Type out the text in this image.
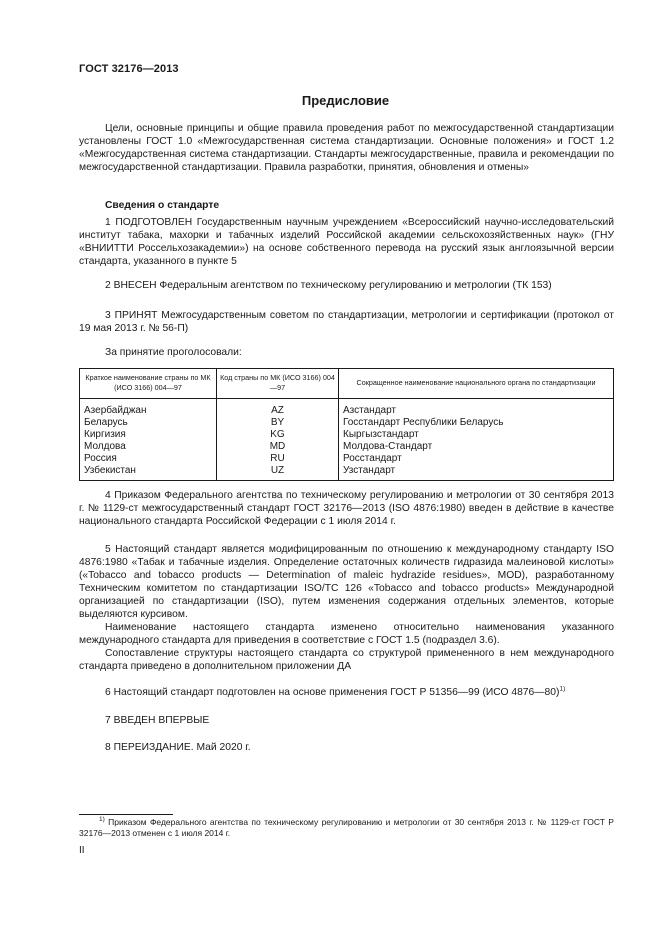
ГОСТ 32176—2013
Предисловие

Цели, основные принципы и общие правила проведения работ по межгосударственной стандартизации установлены ГОСТ 1.0 «Межгосударственная система стандартизации. Основные положения» и ГОСТ 1.2 «Межгосударственная система стандартизации. Стандарты межгосударственные, правила и рекомендации по межгосударственной стандартизации. Правила разработки, принятия, обновления и отмены»

Сведения о стандарте

1 ПОДГОТОВЛЕН Государственным научным учреждением «Всероссийский научно-исследовательский институт табака, махорки и табачных изделий Российской академии сельскохозяйственных наук» (ГНУ «ВНИИТТИ Россельхозакадемии») на основе собственного перевода на русский язык англоязычной версии стандарта, указанного в пункте 5

2 ВНЕСЕН Федеральным агентством по техническому регулированию и метрологии (ТК 153)

3 ПРИНЯТ Межгосударственным советом по стандартизации, метрологии и сертификации (протокол от 19 мая 2013 г. № 56-П)

За принятие проголосовали:

Краткое наименование страны по МК (ИСО 3166) 004—97	Код страны по МК (ИСО 3166) 004—97	Сокращенное наименование национального органа по стандартизации
Азербайджан	AZ	Азстандарт
Беларусь	BY	Госстандарт Республики Беларусь
Киргизия	KG	Кыргызстандарт
Молдова	MD	Молдова-Стандарт
Россия	RU	Росстандарт
Узбекистан	UZ	Узстандарт

4 Приказом Федерального агентства по техническому регулированию и метрологии от 30 сентября 2013 г. № 1129-ст межгосударственный стандарт ГОСТ 32176—2013 (ISO 4876:1980) введен в действие в качестве национального стандарта Российской Федерации с 1 июля 2014 г.

5 Настоящий стандарт является модифицированным по отношению к международному стандарту ISO 4876:1980 «Табак и табачные изделия. Определение остаточных количеств гидразида малеиновой кислоты» («Tobacco and tobacco products — Determination of maleic hydrazide residues», MOD), разработанному Техническим комитетом по стандартизации ISO/TC 126 «Tobacco and tobacco products» Международной организацией по стандартизации (ISO), путем изменения содержания отдельных элементов, которые выделяются курсивом.

Наименование настоящего стандарта изменено относительно наименования указанного международного стандарта для приведения в соответствие с ГОСТ 1.5 (подраздел 3.6).

Сопоставление структуры настоящего стандарта со структурой примененного в нем международного стандарта приведено в дополнительном приложении ДА

6 Настоящий стандарт подготовлен на основе применения ГОСТ Р 51356—99 (ИСО 4876—80)$^{1)}$

7 ВВЕДЕН ВПЕРВЫЕ

8 ПЕРЕИЗДАНИЕ. Май 2020 г.

$^{1)}$ Приказом Федерального агентства по техническому регулированию и метрологии от 30 сентября 2013 г. № 1129-ст ГОСТ Р 32176—2013 отменен с 1 июля 2014 г.

II
